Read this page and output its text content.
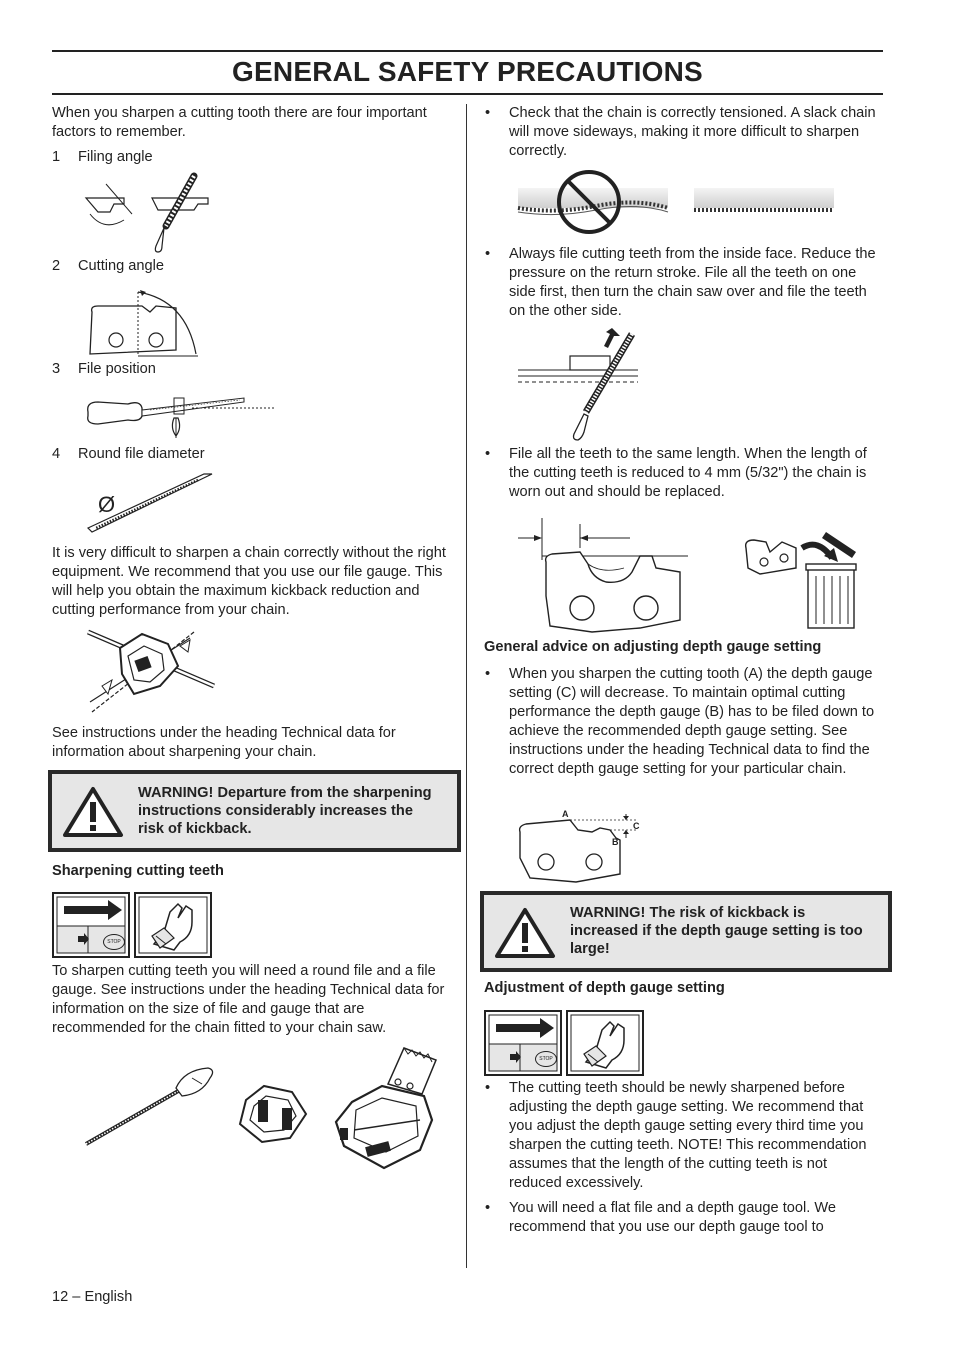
GENERAL SAFETY PRECAUTIONS
When you sharpen a cutting tooth there are four important factors to remember.
1 Filing angle
2 Cutting angle
3 File position
4 Round file diameter
Ø
It is very difficult to sharpen a chain correctly without the right equipment. We recommend that you use our file gauge. This will help you obtain the maximum kickback reduction and cutting performance from your chain.
See instructions under the heading Technical data for information about sharpening your chain.
WARNING! Departure from the sharpening instructions considerably increases the risk of kickback.
Sharpening cutting teeth
STOP
To sharpen cutting teeth you will need a round file and a file gauge. See instructions under the heading Technical data for information on the size of file and gauge that are recommended for the chain fitted to your chain saw.
• Check that the chain is correctly tensioned. A slack chain will move sideways, making it more difficult to sharpen correctly.
• Always file cutting teeth from the inside face. Reduce the pressure on the return stroke. File all the teeth on one side first, then turn the chain saw over and file the teeth on the other side.
• File all the teeth to the same length. When the length of the cutting teeth is reduced to 4 mm (5/32") the chain is worn out and should be replaced.
General advice on adjusting depth gauge setting
• When you sharpen the cutting tooth (A) the depth gauge setting (C) will decrease. To maintain optimal cutting performance the depth gauge (B) has to be filed down to achieve the recommended depth gauge setting. See instructions under the heading Technical data to find the correct depth gauge setting for your particular chain.
A
B
C
WARNING! The risk of kickback is increased if the depth gauge setting is too large!
Adjustment of depth gauge setting
STOP
• The cutting teeth should be newly sharpened before adjusting the depth gauge setting. We recommend that you adjust the depth gauge setting every third time you sharpen the cutting teeth. NOTE! This recommendation assumes that the length of the cutting teeth is not reduced excessively.
• You will need a flat file and a depth gauge tool. We recommend that you use our depth gauge tool to
12 – English
